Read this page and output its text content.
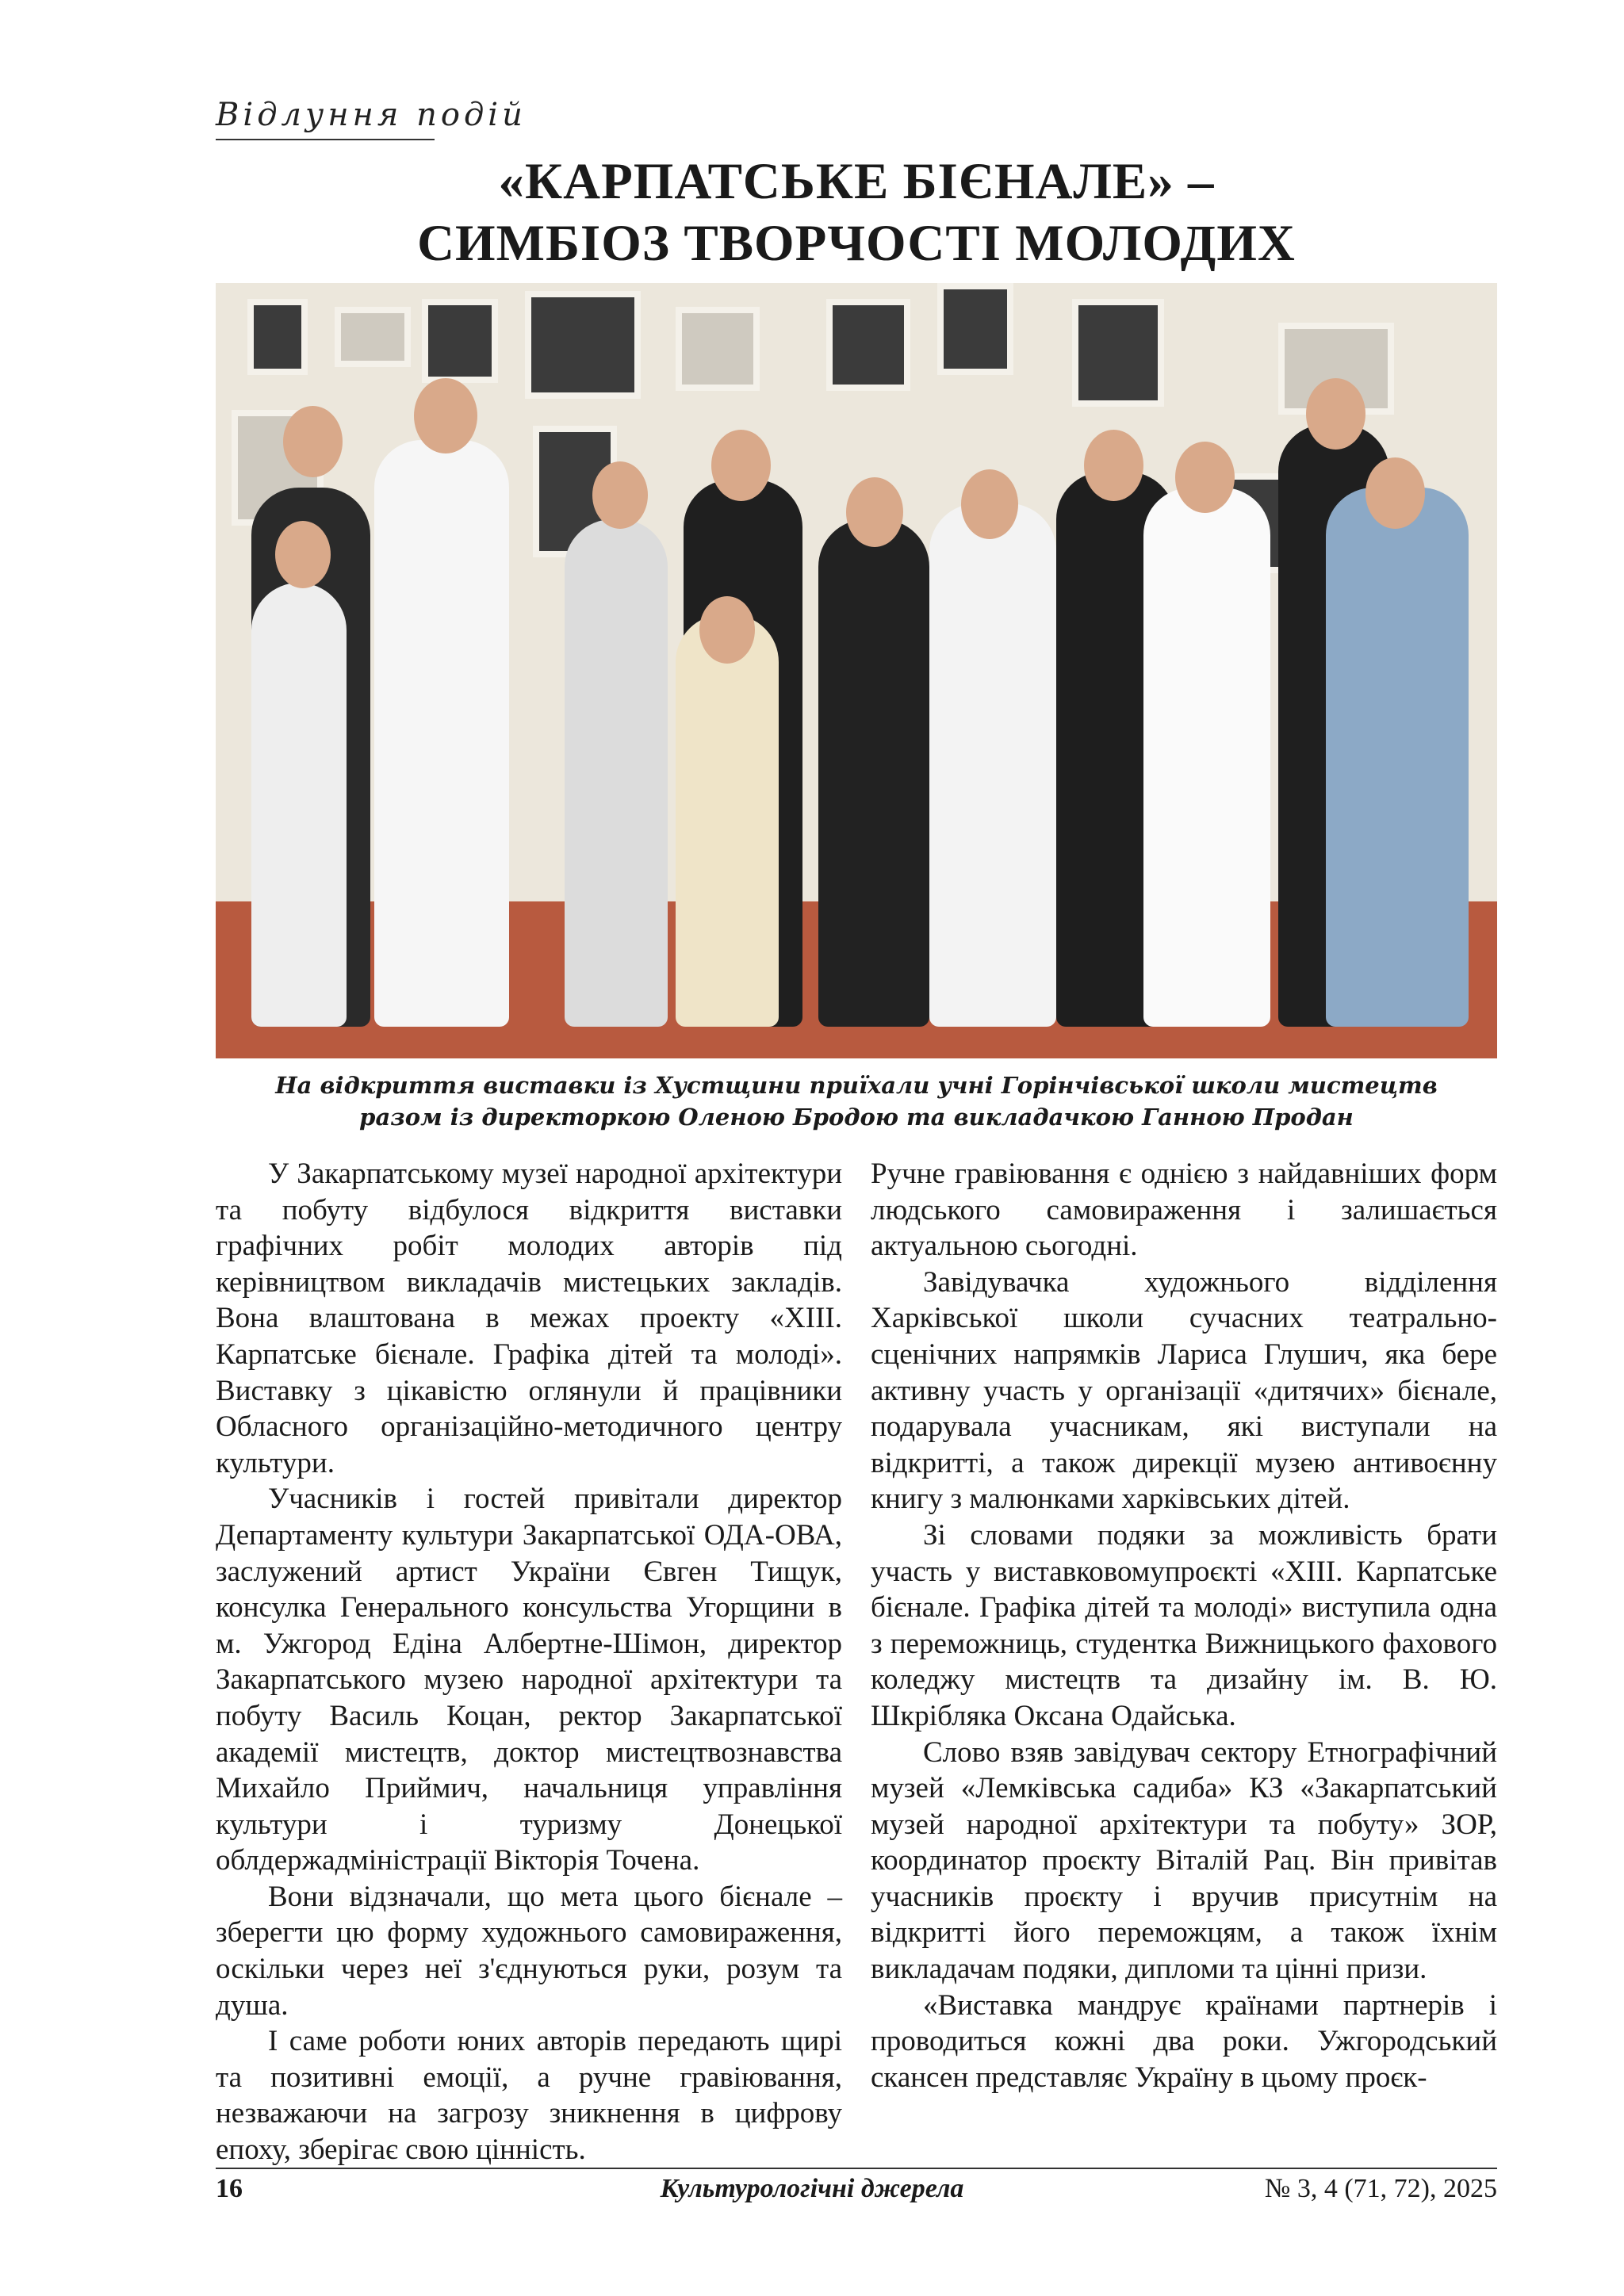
Відлуння подій
«КАРПАТСЬКЕ БІЄНАЛЕ» –
СИМБІОЗ ТВОРЧОСТІ МОЛОДИХ
На відкриття виставки із Хустщини приїхали учні Горінчівської школи мистецтв
разом із директоркою Оленою Бродою та викладачкою Ганною Продан

У Закарпатському музеї народної архітектури та побуту відбулося відкриття виставки графічних робіт молодих авторів під керівництвом викладачів мистецьких закладів. Вона влаштована в межах проекту «ХІІІ. Карпатське бієнале. Графіка дітей та молоді». Виставку з цікавістю оглянули й працівники Обласного організаційно-методичного центру культури.

Учасників і гостей привітали директор Департаменту культури Закарпатської ОДА-ОВА, заслужений артист України Євген Тищук, консулка Генерального консульства Угорщини в м. Ужгород Едіна Албертне-Шімон, директор Закарпатського музею народної архітектури та побуту Василь Коцан, ректор Закарпатської академії мистецтв, доктор мистецтвознавства Михайло Приймич, начальниця управління культури і туризму Донецької облдержадміністрації Вікторія Точена.

Вони відзначали, що мета цього бієнале – зберегти цю форму художнього самовираження, оскільки через неї з'єднуються руки, розум та душа.

І саме роботи юних авторів передають щирі та позитивні емоції, а ручне гравіювання, незважаючи на загрозу зникнення в цифрову епоху, зберігає свою цінність.

Ручне гравіювання є однією з найдавніших форм людського самовираження і залишається актуальною сьогодні.

Завідувачка художнього відділення Харківської школи сучасних театрально-сценічних напрямків Лариса Глушич, яка бере активну участь у організації «дитячих» бієнале, подарувала учасникам, які виступали на відкритті, а також дирекції музею антивоєнну книгу з малюнками харківських дітей.

Зі словами подяки за можливість брати участь у виставковомупроєкті «ХІІІ. Карпатське бієнале. Графіка дітей та молоді» виступила одна з переможниць, студентка Вижницького фахового коледжу мистецтв та дизайну ім. В. Ю. Шкрібляка Оксана Одайська.

Слово взяв завідувач сектору Етнографічний музей «Лемківська садиба» КЗ «Закарпатський музей народної архітектури та побуту» ЗОР, координатор проєкту Віталій Рац. Він привітав учасників проєкту і вручив присутнім на відкритті його переможцям, а також їхнім викладачам подяки, дипломи та цінні призи.

«Виставка мандрує країнами партнерів і проводиться кожні два роки. Ужгородський скансен представляє Україну в цьому проєк-

Культурологічні джерела
16	№ 3, 4 (71, 72), 2025
